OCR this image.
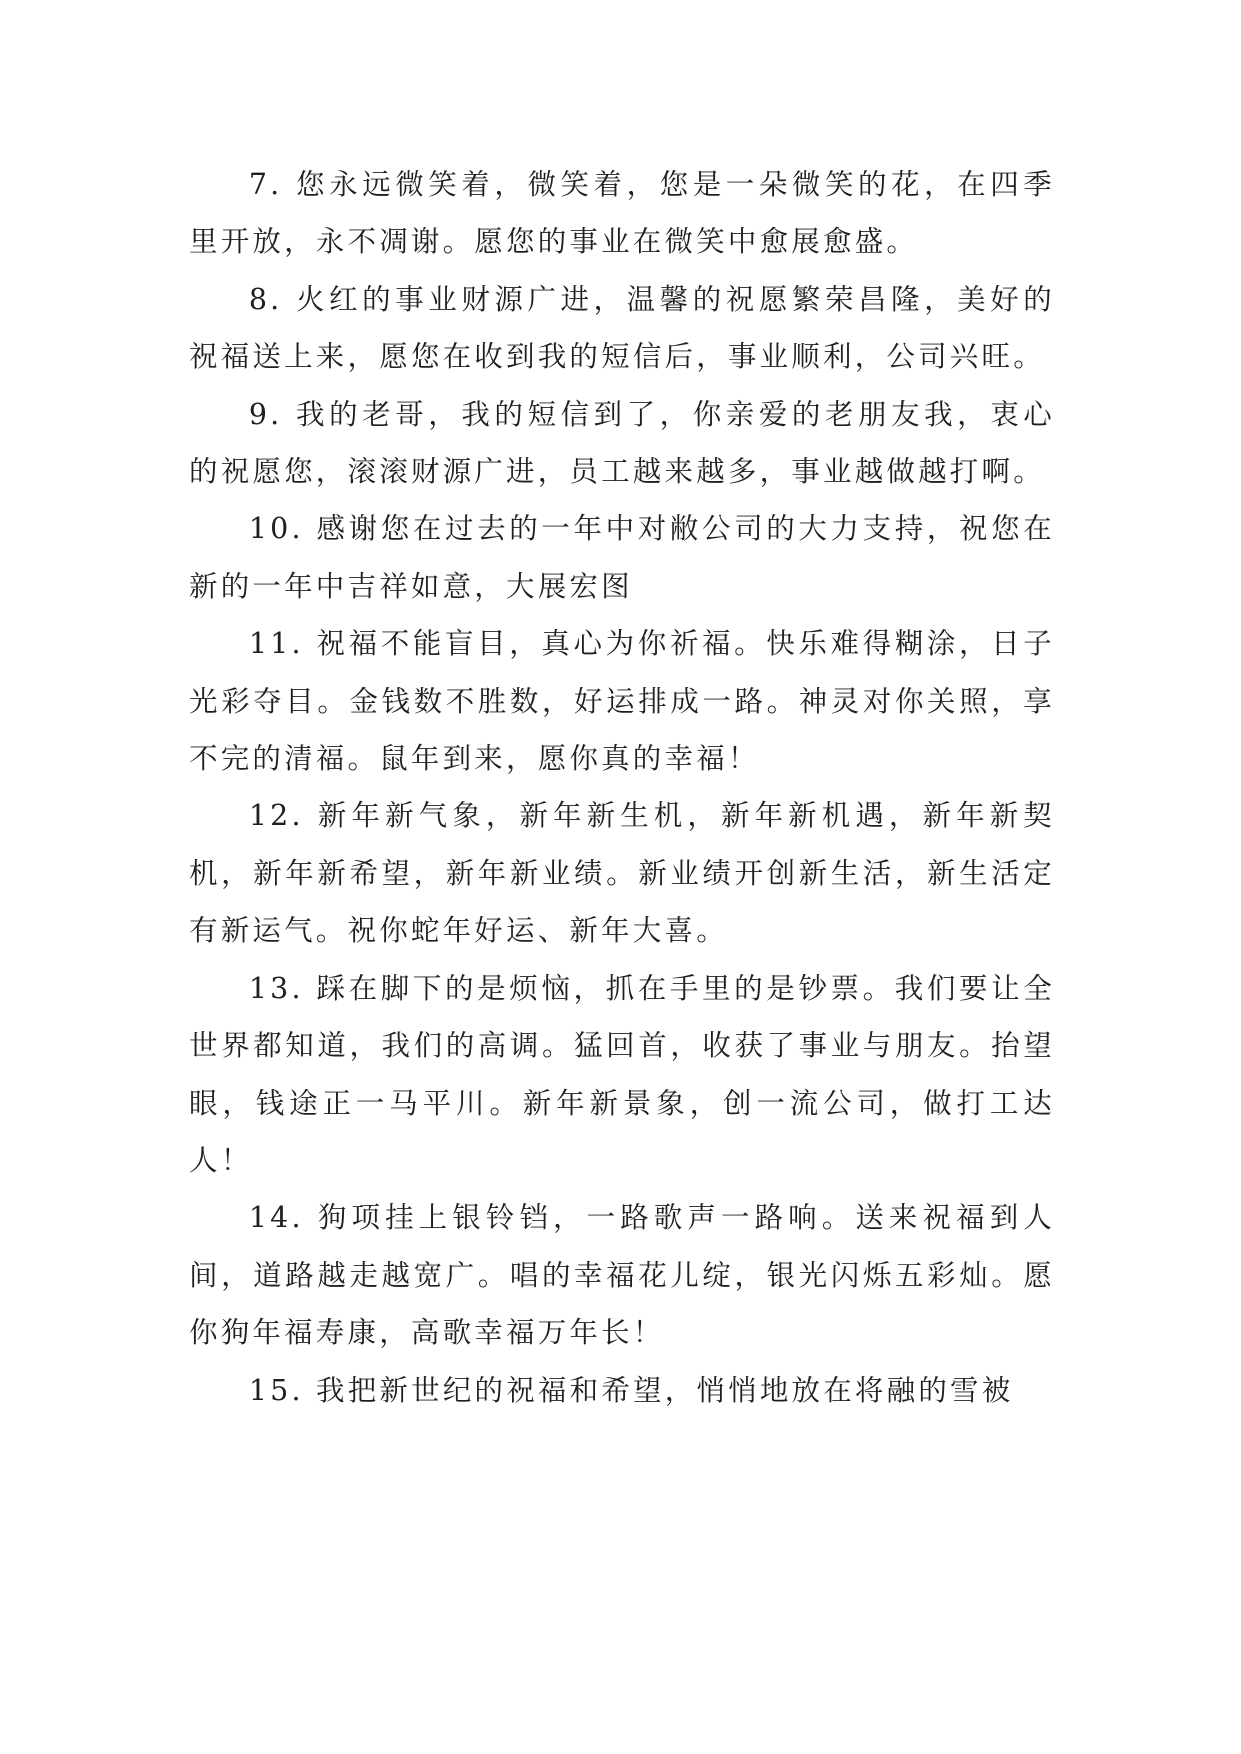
7. 您永远微笑着，微笑着，您是一朵微笑的花，在四季里开放，永不凋谢。愿您的事业在微笑中愈展愈盛。

8. 火红的事业财源广进，温馨的祝愿繁荣昌隆，美好的祝福送上来，愿您在收到我的短信后，事业顺利，公司兴旺。

9. 我的老哥，我的短信到了，你亲爱的老朋友我，衷心的祝愿您，滚滚财源广进，员工越来越多，事业越做越打啊。

10. 感谢您在过去的一年中对敝公司的大力支持，祝您在新的一年中吉祥如意，大展宏图

11. 祝福不能盲目，真心为你祈福。快乐难得糊涂，日子光彩夺目。金钱数不胜数，好运排成一路。神灵对你关照，享不完的清福。鼠年到来，愿你真的幸福！

12. 新年新气象，新年新生机，新年新机遇，新年新契机，新年新希望，新年新业绩。新业绩开创新生活，新生活定有新运气。祝你蛇年好运、新年大喜。

13. 踩在脚下的是烦恼，抓在手里的是钞票。我们要让全世界都知道，我们的高调。猛回首，收获了事业与朋友。抬望眼，钱途正一马平川。新年新景象，创一流公司，做打工达人！

14. 狗项挂上银铃铛，一路歌声一路响。送来祝福到人间，道路越走越宽广。唱的幸福花儿绽，银光闪烁五彩灿。愿你狗年福寿康，高歌幸福万年长！

15. 我把新世纪的祝福和希望，悄悄地放在将融的雪被
